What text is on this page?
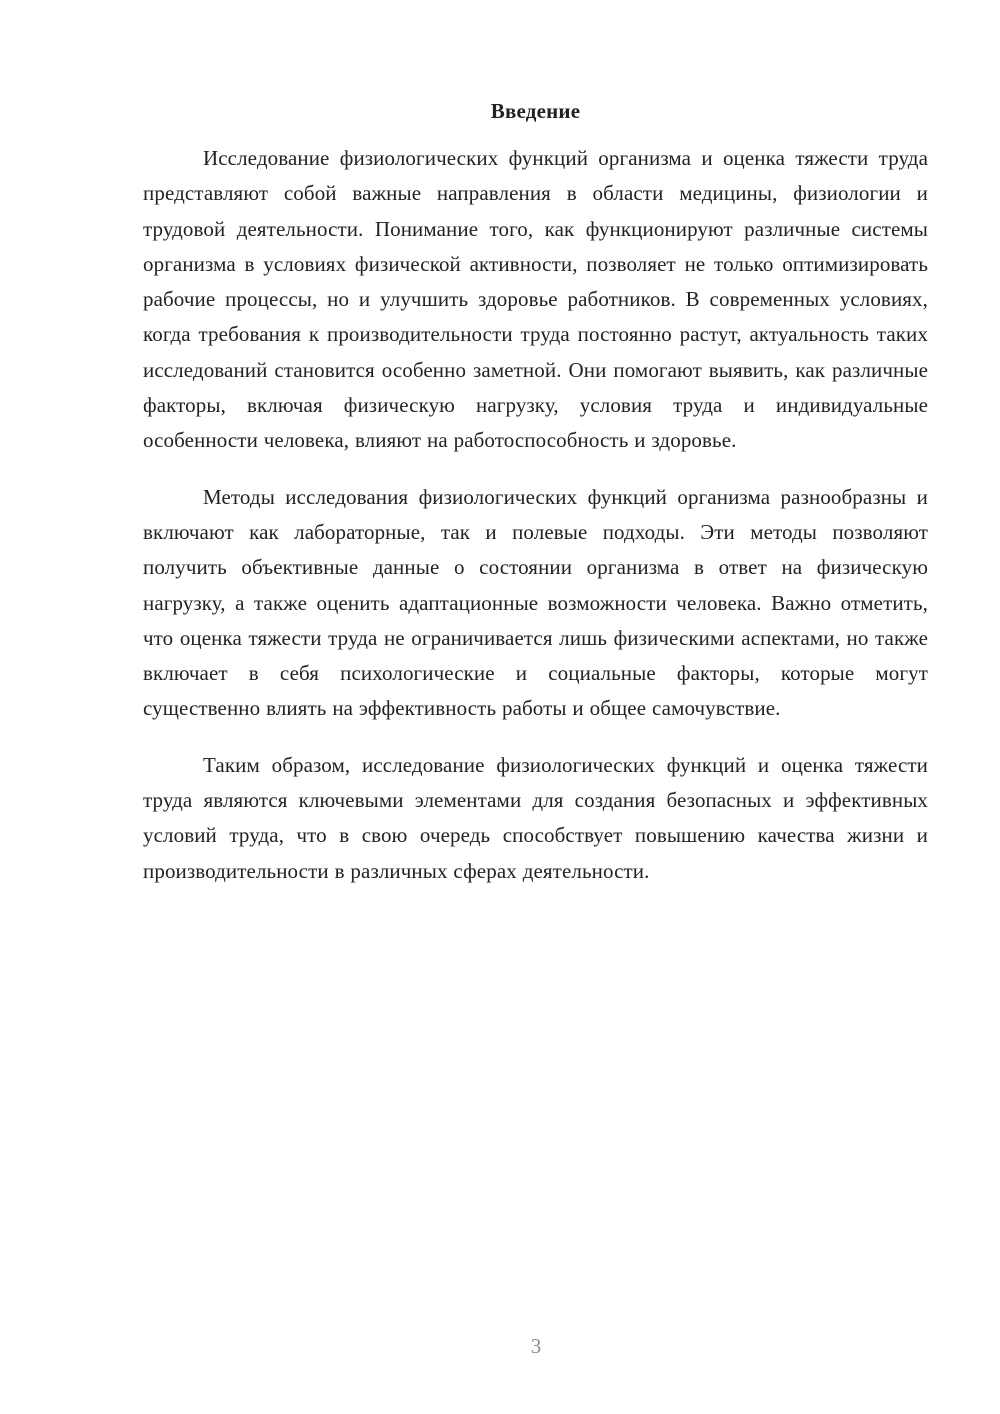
Введение

Исследование физиологических функций организма и оценка тяжести труда представляют собой важные направления в области медицины, физиологии и трудовой деятельности. Понимание того, как функционируют различные системы организма в условиях физической активности, позволяет не только оптимизировать рабочие процессы, но и улучшить здоровье работников. В современных условиях, когда требования к производительности труда постоянно растут, актуальность таких исследований становится особенно заметной. Они помогают выявить, как различные факторы, включая физическую нагрузку, условия труда и индивидуальные особенности человека, влияют на работоспособность и здоровье.

Методы исследования физиологических функций организма разнообразны и включают как лабораторные, так и полевые подходы. Эти методы позволяют получить объективные данные о состоянии организма в ответ на физическую нагрузку, а также оценить адаптационные возможности человека. Важно отметить, что оценка тяжести труда не ограничивается лишь физическими аспектами, но также включает в себя психологические и социальные факторы, которые могут существенно влиять на эффективность работы и общее самочувствие.

Таким образом, исследование физиологических функций и оценка тяжести труда являются ключевыми элементами для создания безопасных и эффективных условий труда, что в свою очередь способствует повышению качества жизни и производительности в различных сферах деятельности.

3
